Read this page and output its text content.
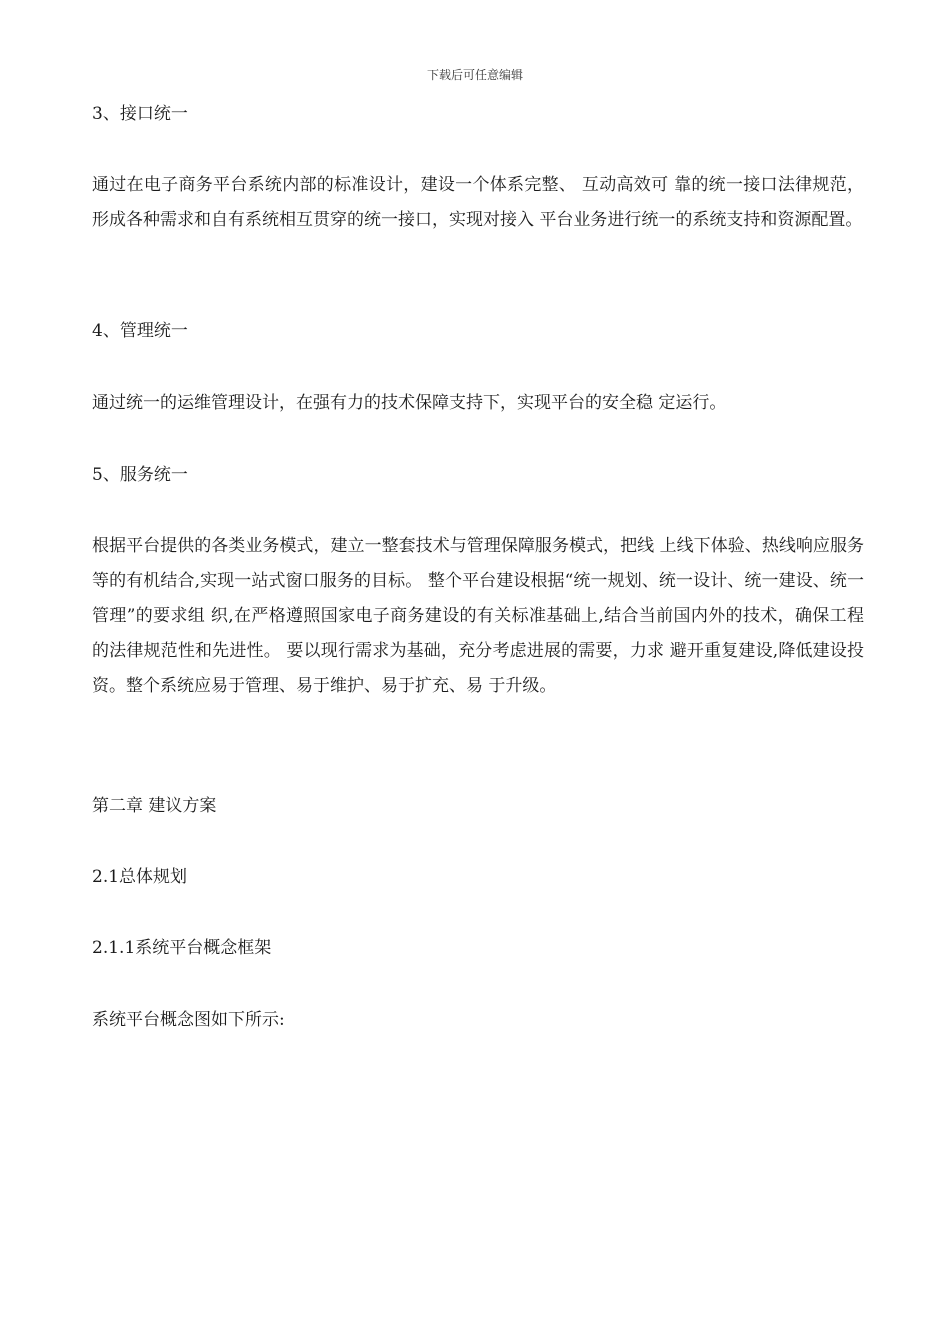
下载后可任意编辑

3、接口统一

通过在电子商务平台系统内部的标准设计，建设一个体系完整、 互动高效可 靠的统一接口法律规范，形成各种需求和自有系统相互贯穿的统一接口，实现对接入 平台业务进行统一的系统支持和资源配置。

4、管理统一

通过统一的运维管理设计，在强有力的技术保障支持下，实现平台的安全稳 定运行。

5、服务统一

根据平台提供的各类业务模式，建立一整套技术与管理保障服务模式，把线 上线下体验、热线响应服务等的有机结合,实现一站式窗口服务的目标。 整个平台建设根据“统一规划、统一设计、统一建设、统一管理”的要求组 织,在严格遵照国家电子商务建设的有关标准基础上,结合当前国内外的技术，确保工程的法律规范性和先进性。 要以现行需求为基础，充分考虑进展的需要，力求 避开重复建设,降低建设投资。整个系统应易于管理、易于维护、易于扩充、易 于升级。

第二章 建议方案

2.1总体规划

2.1.1系统平台概念框架

系统平台概念图如下所示:
